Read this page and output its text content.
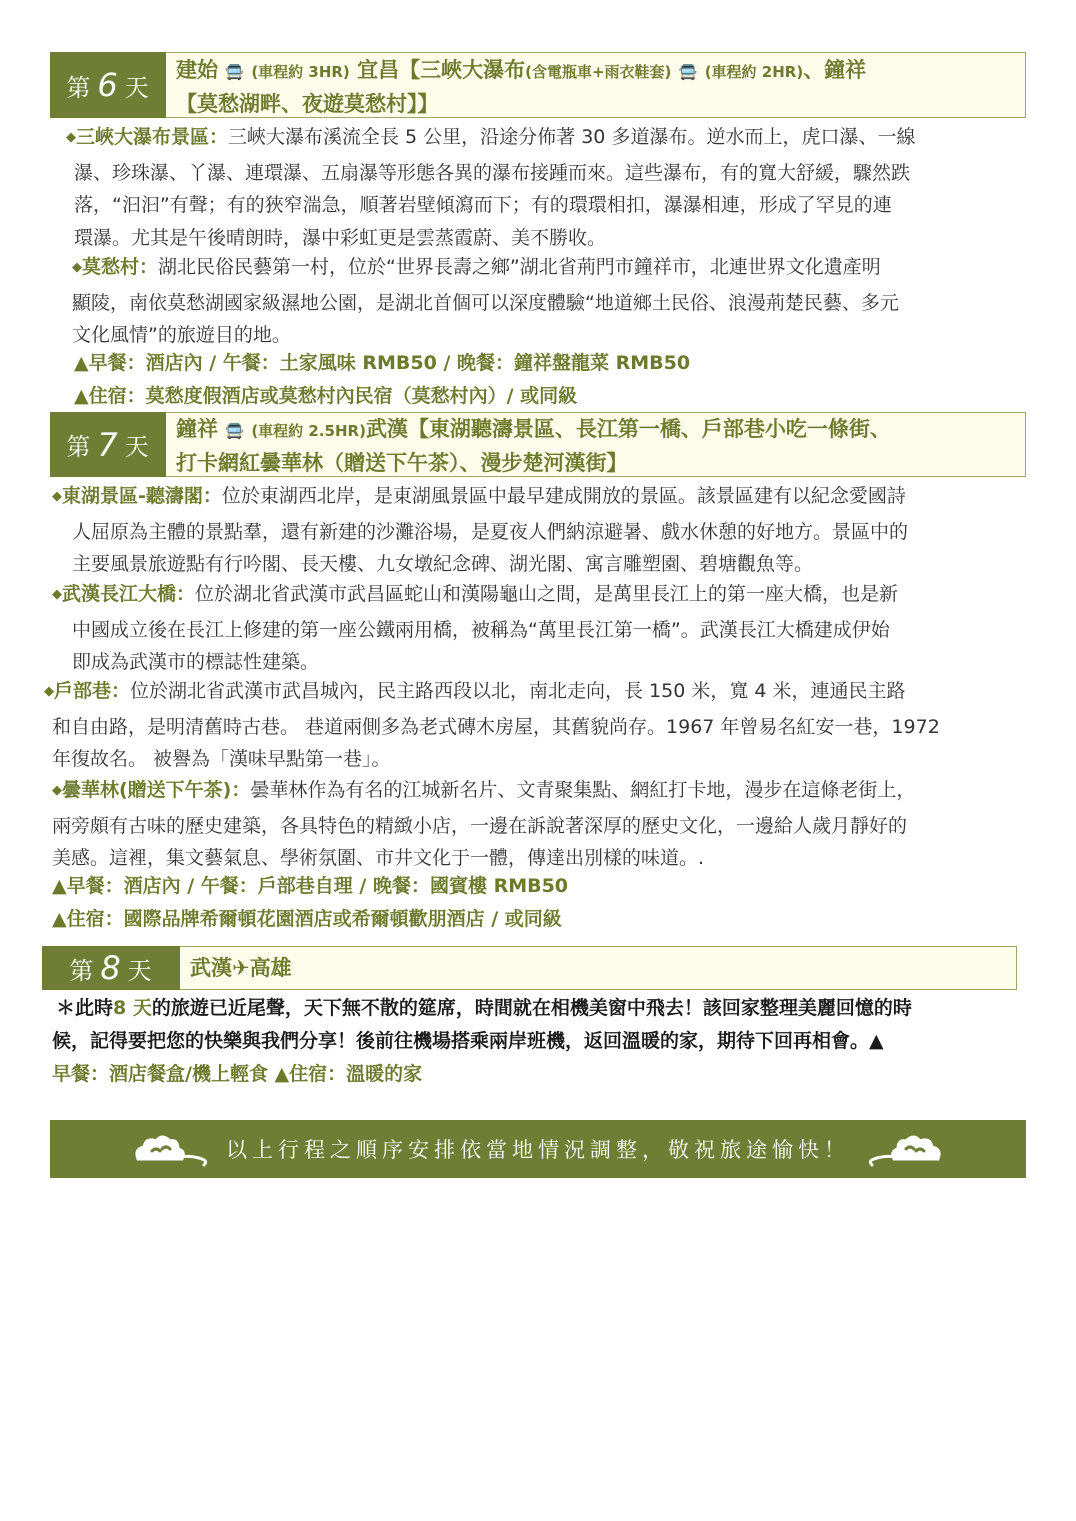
第 6 天
建始 🚍 (車程約 3HR) 宜昌【三峽大瀑布(含電瓶車+雨衣鞋套) 🚍 (車程約 2HR)、鐘祥
【莫愁湖畔、夜遊莫愁村】】
◆三峽大瀑布景區：三峽大瀑布溪流全長 5 公里，沿途分佈著 30 多道瀑布。逆水而上，虎口瀑、一線
瀑、珍珠瀑、丫瀑、連環瀑、五扇瀑等形態各異的瀑布接踵而來。這些瀑布，有的寬大舒緩，驟然跌
落，“汩汩”有聲；有的狹窄湍急，順著岩壁傾瀉而下；有的環環相扣，瀑瀑相連，形成了罕見的連
環瀑。尤其是午後晴朗時，瀑中彩虹更是雲蒸霞蔚、美不勝收。
◆莫愁村：湖北民俗民藝第一村，位於“世界長壽之鄉”湖北省荊門市鐘祥市，北連世界文化遺產明
顯陵，南依莫愁湖國家級濕地公園，是湖北首個可以深度體驗“地道鄉土民俗、浪漫荊楚民藝、多元
文化風情”的旅遊目的地。
▲早餐：酒店內 / 午餐：土家風味 RMB50 / 晚餐：鐘祥盤龍菜 RMB50
▲住宿：莫愁度假酒店或莫愁村內民宿（莫愁村內）/ 或同級
第 7 天
鐘祥 🚍 (車程約 2.5HR)武漢【東湖聽濤景區、長江第一橋、戶部巷小吃一條街、
打卡網紅曇華林（贈送下午茶）、漫步楚河漢街】
◆東湖景區-聽濤閣：位於東湖西北岸，是東湖風景區中最早建成開放的景區。該景區建有以紀念愛國詩
人屈原為主體的景點羣，還有新建的沙灘浴場，是夏夜人們納涼避暑、戲水休憩的好地方。景區中的
主要風景旅遊點有行吟閣、長天樓、九女墩紀念碑、湖光閣、寓言雕塑園、碧塘觀魚等。
◆武漢長江大橋：位於湖北省武漢市武昌區蛇山和漢陽龜山之間，是萬里長江上的第一座大橋，也是新
中國成立後在長江上修建的第一座公鐵兩用橋，被稱為“萬里長江第一橋”。武漢長江大橋建成伊始
即成為武漢市的標誌性建築。
◆戶部巷：位於湖北省武漢市武昌城內，民主路西段以北，南北走向，長 150 米，寬 4 米，連通民主路
和自由路，是明清舊時古巷。 巷道兩側多為老式磚木房屋，其舊貌尚存。1967 年曾易名紅安一巷，1972
年復故名。 被譽為「漢味早點第一巷」。
◆曇華林(贈送下午茶)：曇華林作為有名的江城新名片、文青聚集點、網紅打卡地，漫步在這條老街上，
兩旁頗有古味的歷史建築，各具特色的精緻小店，一邊在訴說著深厚的歷史文化，一邊給人歲月靜好的
美感。這裡，集文藝氣息、學術氛圍、市井文化于一體，傳達出別樣的味道。.
▲早餐：酒店內 / 午餐：戶部巷自理 / 晚餐：國賓樓 RMB50
▲住宿：國際品牌希爾頓花園酒店或希爾頓歡朋酒店 / 或同級
第 8 天	武漢✈高雄
＊此時8 天的旅遊已近尾聲，天下無不散的筵席，時間就在相機美窗中飛去！該回家整理美麗回憶的時
候，記得要把您的快樂與我們分享！後前往機場搭乘兩岸班機，返回溫暖的家，期待下回再相會。▲
早餐：酒店餐盒/機上輕食 ▲住宿：溫暖的家
以上行程之順序安排依當地情況調整，敬祝旅途愉快！
